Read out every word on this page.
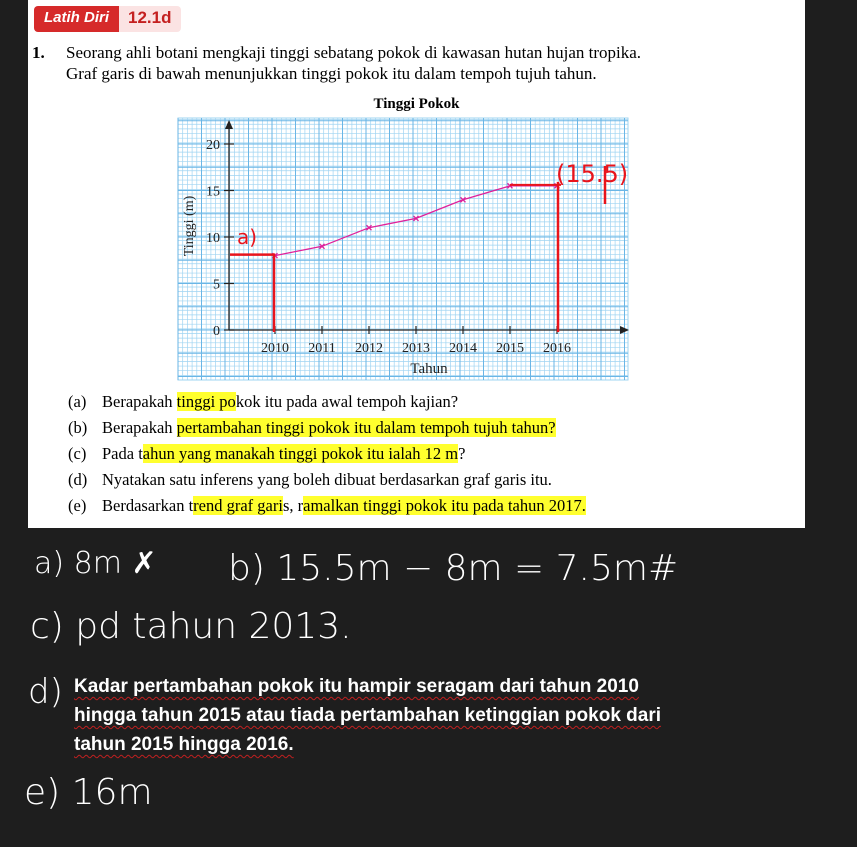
Latih Diri	12.1d
1. Seorang ahli botani mengkaji tinggi sebatang pokok di kawasan hutan hujan tropika.
Graf garis di bawah menunjukkan tinggi pokok itu dalam tempoh tujuh tahun.
Tinggi Pokok
0
5
10
15
20
2010 2011 2012 2013 2014 2015 2016
Tahun
Tinggi (m) a)
(15.5)
(a) Berapakah tinggi pokok itu pada awal tempoh kajian?
(b) Berapakah pertambahan tinggi pokok itu dalam tempoh tujuh tahun?
(c) Pada tahun yang manakah tinggi pokok itu ialah 12 m?
(d) Nyatakan satu inferens yang boleh dibuat berdasarkan graf garis itu.
(e) Berdasarkan trend graf garis, ramalkan tinggi pokok itu pada tahun 2017.
a) 8m ✗ b) 15.5m − 8m = 7.5m#
c) pd tahun 2013.
d) Kadar pertambahan pokok itu hampir seragam dari tahun 2010 hingga tahun 2015 atau tiada pertambahan ketinggian pokok dari tahun 2015 hingga 2016.
e) 16m
